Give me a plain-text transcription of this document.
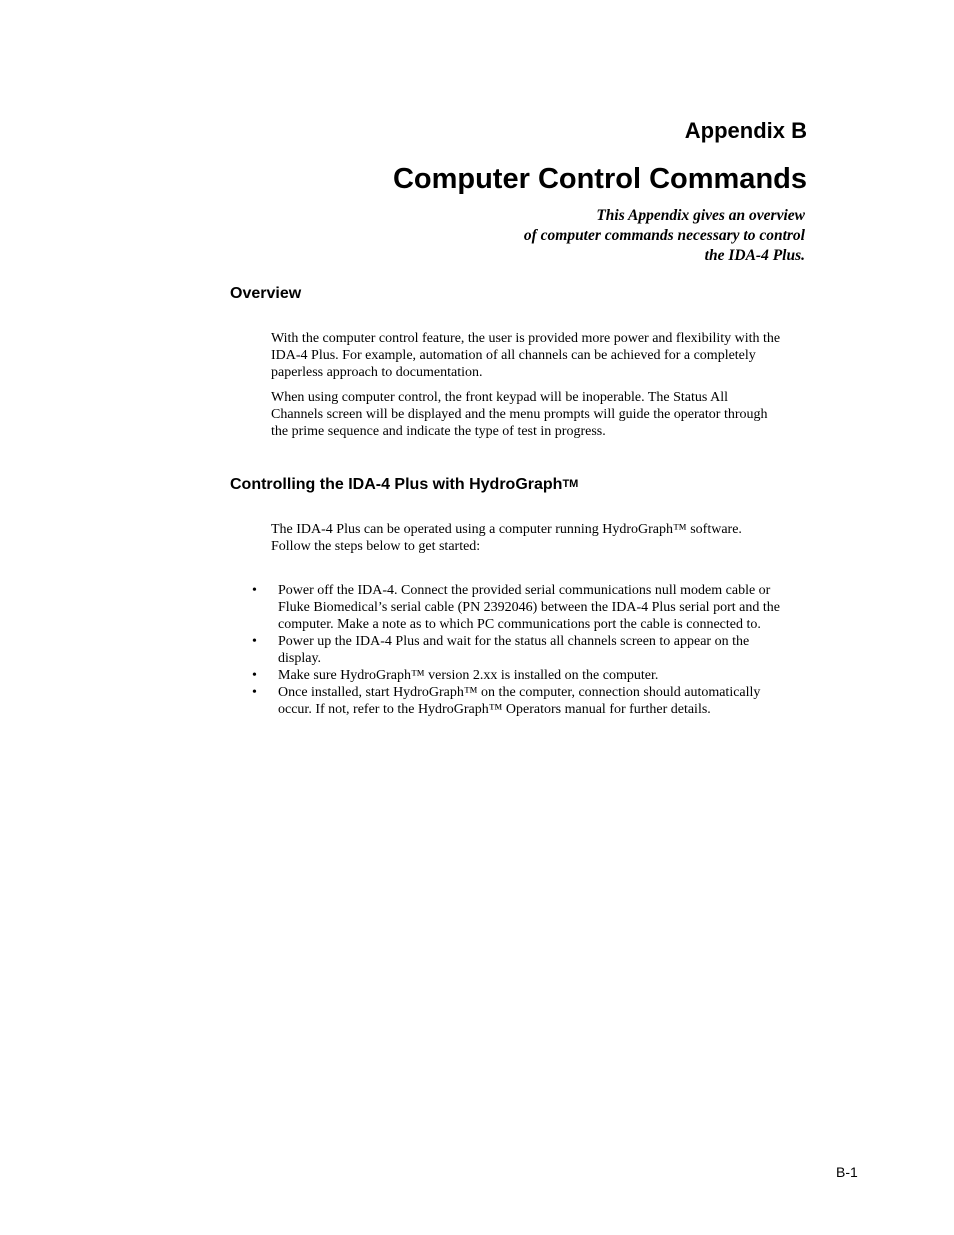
Appendix B
Computer Control Commands
This Appendix gives an overview
of computer commands necessary to control
the IDA-4 Plus.
Overview
With the computer control feature, the user is provided more power and flexibility with the
IDA-4 Plus. For example, automation of all channels can be achieved for a completely
paperless approach to documentation.
When using computer control, the front keypad will be inoperable. The Status All
Channels screen will be displayed and the menu prompts will guide the operator through
the prime sequence and indicate the type of test in progress.
Controlling the IDA-4 Plus with HydroGraphTM
The IDA-4 Plus can be operated using a computer running HydroGraph™ software.
Follow the steps below to get started:
• Power off the IDA-4. Connect the provided serial communications null modem cable or
Fluke Biomedical’s serial cable (PN 2392046) between the IDA-4 Plus serial port and the
computer. Make a note as to which PC communications port the cable is connected to.
• Power up the IDA-4 Plus and wait for the status all channels screen to appear on the
display.
• Make sure HydroGraph™ version 2.xx is installed on the computer.
• Once installed, start HydroGraph™ on the computer, connection should automatically
occur. If not, refer to the HydroGraph™ Operators manual for further details.
B-1
